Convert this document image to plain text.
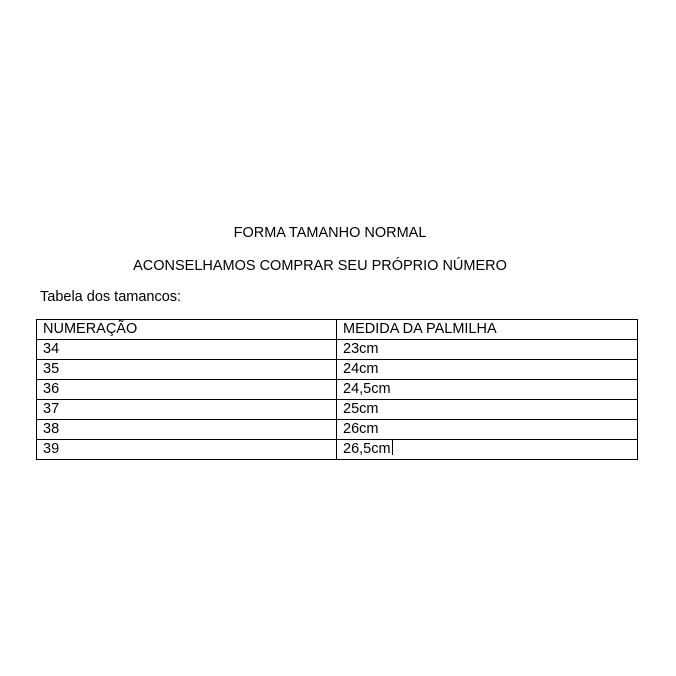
FORMA TAMANHO NORMAL
ACONSELHAMOS COMPRAR SEU PRÓPRIO NÚMERO
Tabela dos tamancos:
NUMERAÇÃO	MEDIDA DA PALMILHA
34	23cm
35	24cm
36	24,5cm
37	25cm
38	26cm
39	26,5cm
